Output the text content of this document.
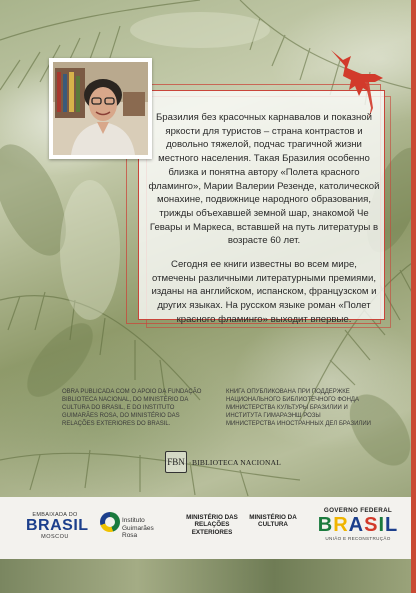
Бразилия без красочных карнавалов и показной яркости для туристов – страна контрастов и довольно тяжелой, подчас трагичной жизни местного населения. Такая Бразилия особенно близка и понятна автору «Полета красного фламинго», Марии Валерии Резенде, католической монахине, подвижнице народного образования, трижды объехавшей земной шар, знакомой Че Гевары и Маркеса, вставшей на путь литературы в возрасте 60 лет.

Сегодня ее книги известны во всем мире, отмечены различными литературными премиями, изданы на английском, испанском, французском и других языках. На русском языке роман «Полет красного фламинго» выходит впервые.

OBRA PUBLICADA COM O APOIO DA FUNDAÇÃO BIBLIOTECA NACIONAL, DO MINISTÉRIO DA CULTURA DO BRASIL, E DO INSTITUTO GUIMARÃES ROSA, DO MINISTÉRIO DAS RELAÇÕES EXTERIORES DO BRASIL.
КНИГА ОПУБЛИКОВАНА ПРИ ПОДДЕРЖКЕ НАЦИОНАЛЬНОГО БИБЛИОТЕЧНОГО ФОНДА МИНИСТЕРСТВА КУЛЬТУРЫ БРАЗИЛИИ И ИНСТИТУТА ГИМАРАЭНШ РОЗЫ МИНИСТЕРСТВА ИНОСТРАННЫХ ДЕЛ БРАЗИЛИИ
FBN BIBLIOTECA NACIONAL
EMBAIXADA DO
BRASIL
MOSCOU
Instituto
Guimarães Rosa
MINISTÉRIO DAS
RELAÇÕES
EXTERIORES
MINISTÉRIO DA
CULTURA
GOVERNO FEDERAL
BRASIL
UNIÃO E RECONSTRUÇÃO
